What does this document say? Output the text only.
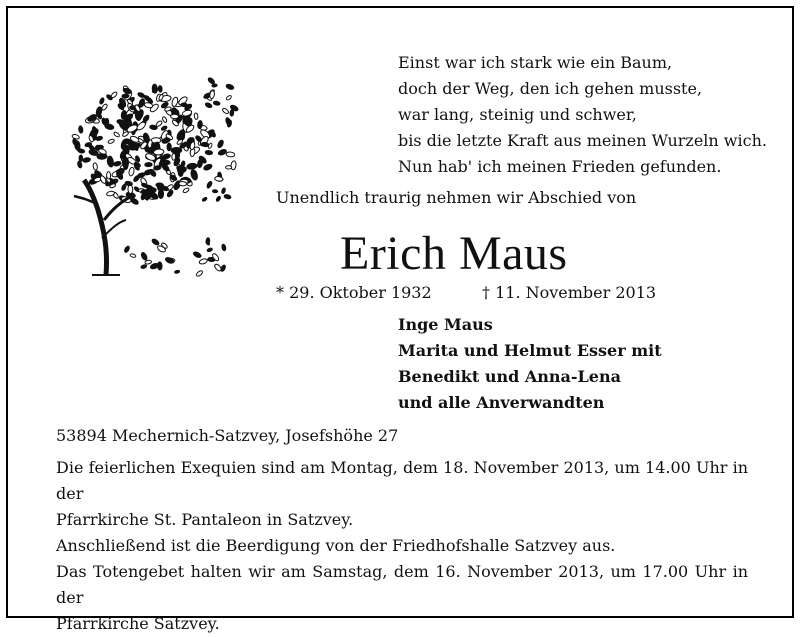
Einst war ich stark wie ein Baum,
doch der Weg, den ich gehen musste,
war lang, steinig und schwer,
bis die letzte Kraft aus meinen Wurzeln wich.
Nun hab' ich meinen Frieden gefunden.
Unendlich traurig nehmen wir Abschied von
Erich Maus
* 29. Oktober 1932	† 11. November 2013
Inge Maus
Marita und Helmut Esser mit
Benedikt und Anna-Lena
und alle Anverwandten
53894 Mechernich-Satzvey, Josefshöhe 27

Die feierlichen Exequien sind am Montag, dem 18. November 2013, um 14.00 Uhr in der

Pfarrkirche St. Pantaleon in Satzvey.

Anschließend ist die Beerdigung von der Friedhofshalle Satzvey aus.

Das Totengebet halten wir am Samstag, dem 16. November 2013, um 17.00 Uhr in der

Pfarrkirche Satzvey.
